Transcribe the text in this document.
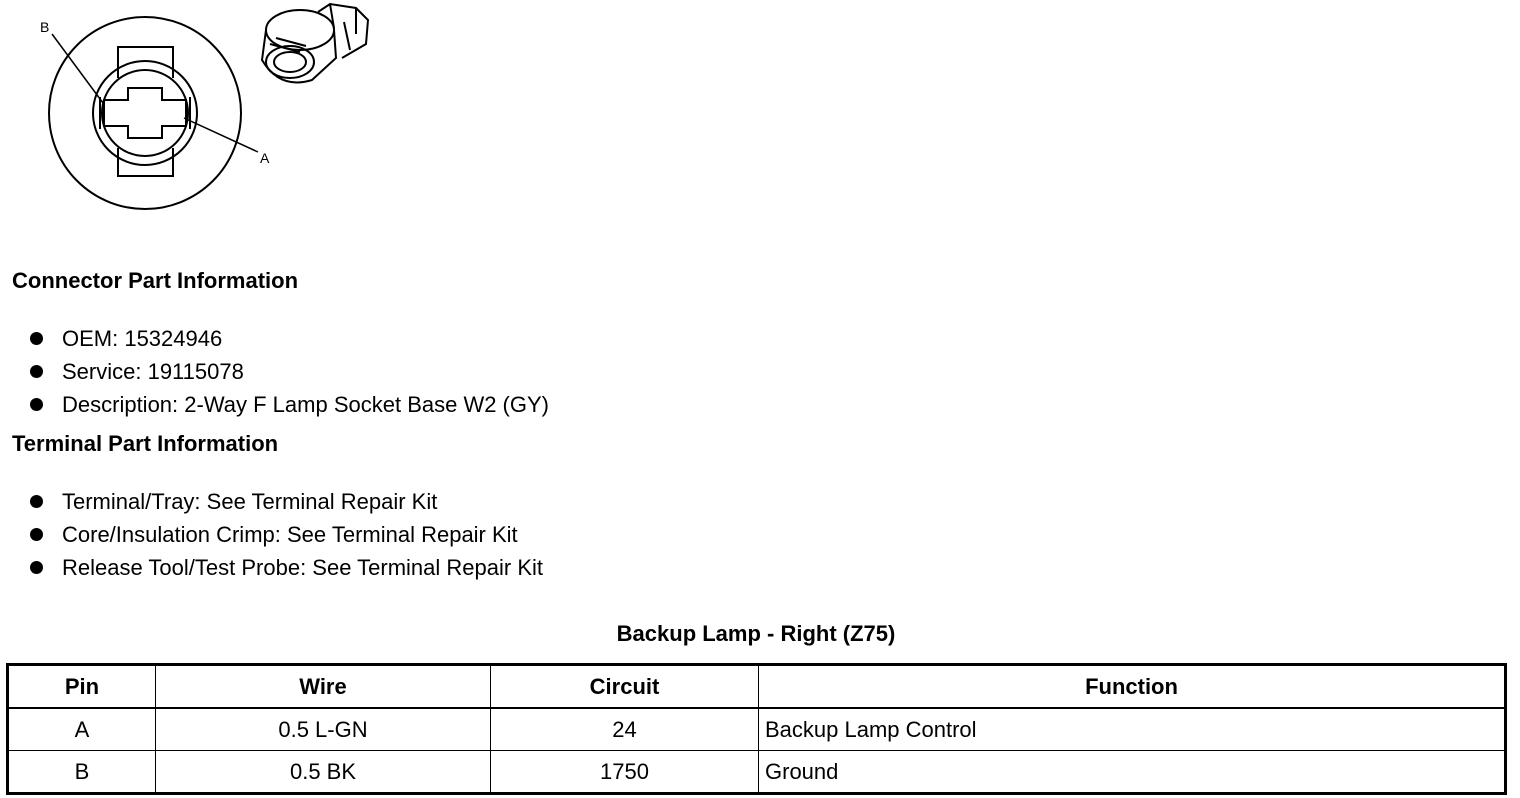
B
A
Connector Part Information
OEM: 15324946
Service: 19115078
Description: 2-Way F Lamp Socket Base W2 (GY)
Terminal Part Information
Terminal/Tray: See Terminal Repair Kit
Core/Insulation Crimp: See Terminal Repair Kit
Release Tool/Test Probe: See Terminal Repair Kit
Backup Lamp - Right (Z75)
Pin	Wire	Circuit	Function
A	0.5 L-GN	24	Backup Lamp Control
B	0.5 BK	1750	Ground
